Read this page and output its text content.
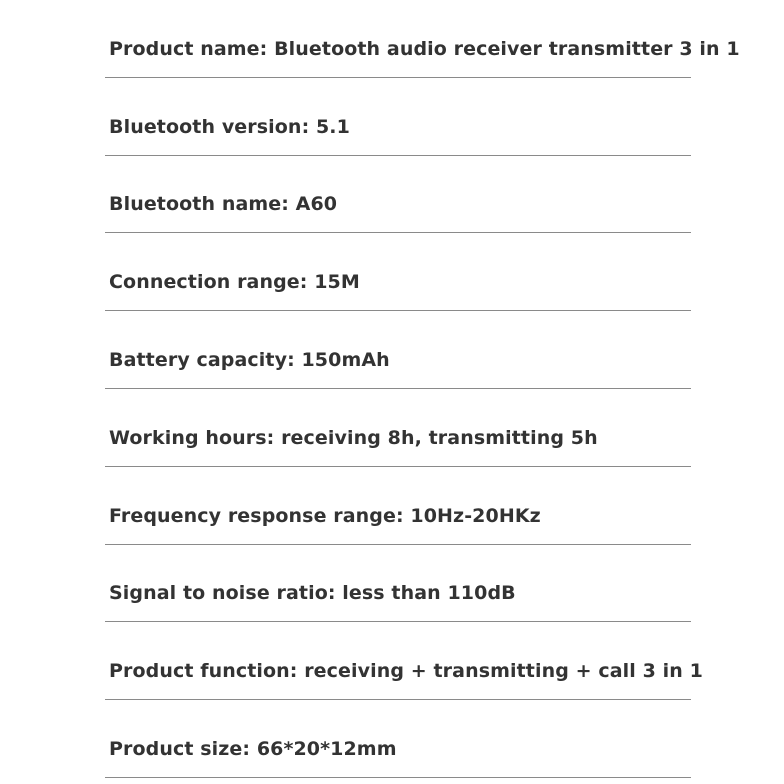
Product name: Bluetooth audio receiver transmitter 3 in 1
Bluetooth version: 5.1
Bluetooth name: A60
Connection range: 15M
Battery capacity: 150mAh
Working hours: receiving 8h, transmitting 5h
Frequency response range: 10Hz-20HKz
Signal to noise ratio: less than 110dB
Product function: receiving + transmitting + call 3 in 1
Product size: 66*20*12mm
